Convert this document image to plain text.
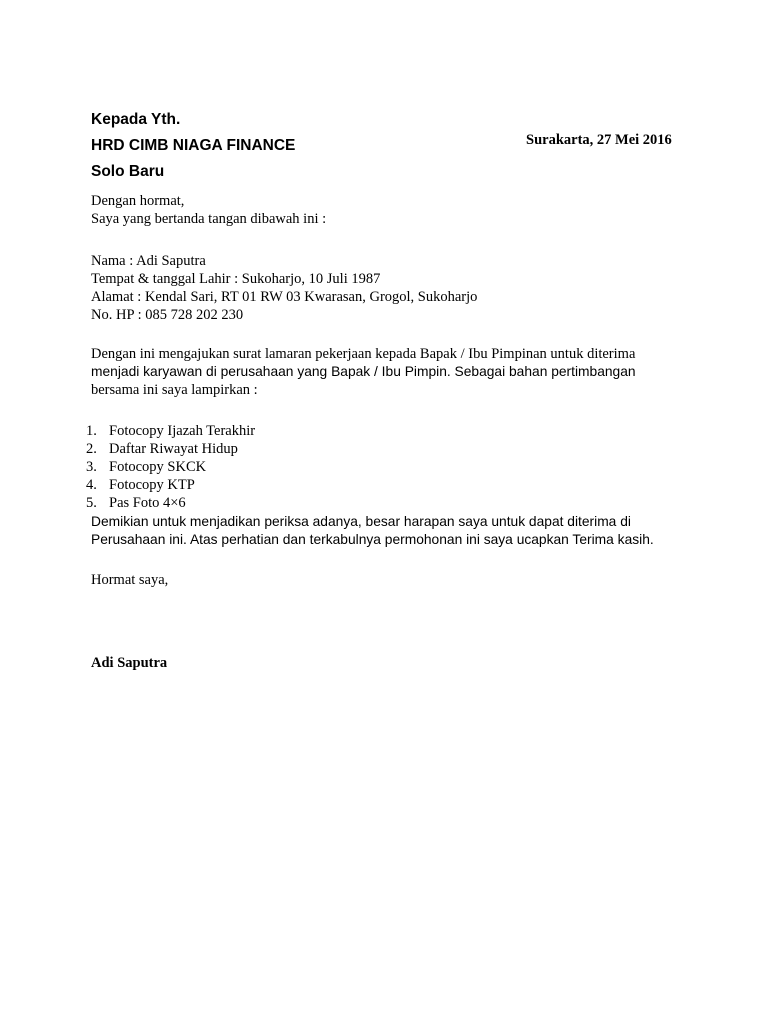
Kepada Yth.
HRD CIMB NIAGA FINANCE
Solo Baru
Surakarta, 27 Mei 2016
Dengan hormat,
Saya yang bertanda tangan dibawah ini :
Nama : Adi Saputra
Tempat & tanggal Lahir : Sukoharjo, 10 Juli 1987
Alamat : Kendal Sari, RT 01 RW 03 Kwarasan, Grogol, Sukoharjo
No. HP : 085 728 202 230
Dengan ini mengajukan surat lamaran pekerjaan kepada Bapak / Ibu Pimpinan untuk diterima
menjadi karyawan di perusahaan yang Bapak / Ibu Pimpin. Sebagai bahan pertimbangan
bersama ini saya lampirkan :
1. Fotocopy Ijazah Terakhir
2. Daftar Riwayat Hidup
3. Fotocopy SKCK
4. Fotocopy KTP
5. Pas Foto 4×6
Demikian untuk menjadikan periksa adanya, besar harapan saya untuk dapat diterima di
Perusahaan ini. Atas perhatian dan terkabulnya permohonan ini saya ucapkan Terima kasih.
Hormat saya,
Adi Saputra
